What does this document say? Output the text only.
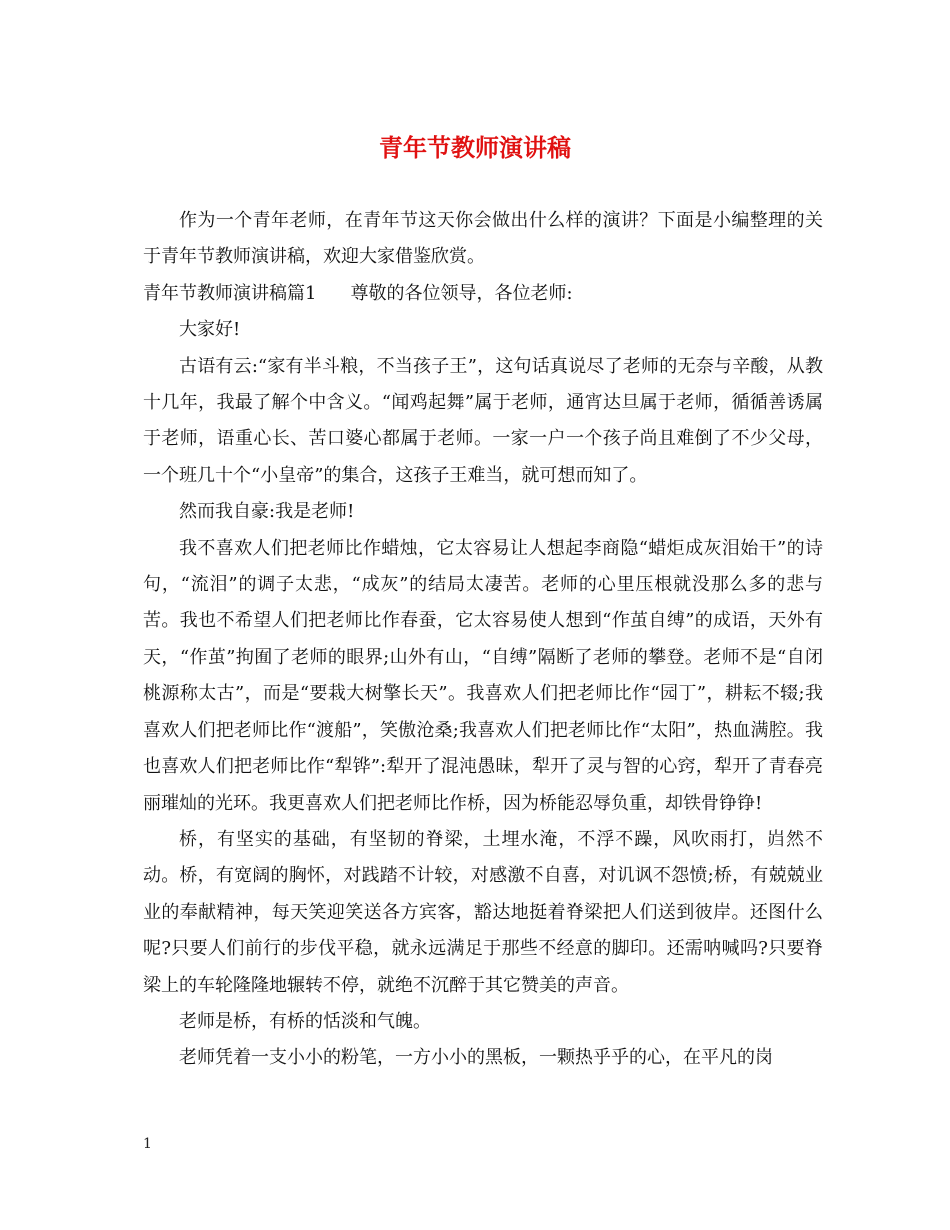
青年节教师演讲稿

作为一个青年老师，在青年节这天你会做出什么样的演讲？下面是小编整理的关于青年节教师演讲稿，欢迎大家借鉴欣赏。

青年节教师演讲稿篇1 尊敬的各位领导，各位老师:

大家好!

古语有云:“家有半斗粮，不当孩子王”，这句话真说尽了老师的无奈与辛酸，从教十几年，我最了解个中含义。“闻鸡起舞”属于老师，通宵达旦属于老师，循循善诱属于老师，语重心长、苦口婆心都属于老师。一家一户一个孩子尚且难倒了不少父母，一个班几十个“小皇帝”的集合，这孩子王难当，就可想而知了。

然而我自豪:我是老师!

我不喜欢人们把老师比作蜡烛，它太容易让人想起李商隐“蜡炬成灰泪始干”的诗句，“流泪”的调子太悲，“成灰”的结局太凄苦。老师的心里压根就没那么多的悲与苦。我也不希望人们把老师比作春蚕，它太容易使人想到“作茧自缚”的成语，天外有天，“作茧”拘囿了老师的眼界;山外有山，“自缚”隔断了老师的攀登。老师不是“自闭桃源称太古”，而是“要栽大树擎长天”。我喜欢人们把老师比作“园丁”，耕耘不辍;我喜欢人们把老师比作“渡船”，笑傲沧桑;我喜欢人们把老师比作“太阳”，热血满腔。我也喜欢人们把老师比作“犁铧”:犁开了混沌愚昧，犁开了灵与智的心窍，犁开了青春亮丽璀灿的光环。我更喜欢人们把老师比作桥，因为桥能忍辱负重，却铁骨铮铮!

桥，有坚实的基础，有坚韧的脊梁，土埋水淹，不浮不躁，风吹雨打，岿然不动。桥，有宽阔的胸怀，对践踏不计较，对感激不自喜，对讥讽不怨愤;桥，有兢兢业业的奉献精神，每天笑迎笑送各方宾客，豁达地挺着脊梁把人们送到彼岸。还图什么呢?只要人们前行的步伐平稳，就永远满足于那些不经意的脚印。还需呐喊吗?只要脊梁上的车轮隆隆地辗转不停，就绝不沉醉于其它赞美的声音。

老师是桥，有桥的恬淡和气魄。

老师凭着一支小小的粉笔，一方小小的黑板，一颗热乎乎的心，在平凡的岗

1
